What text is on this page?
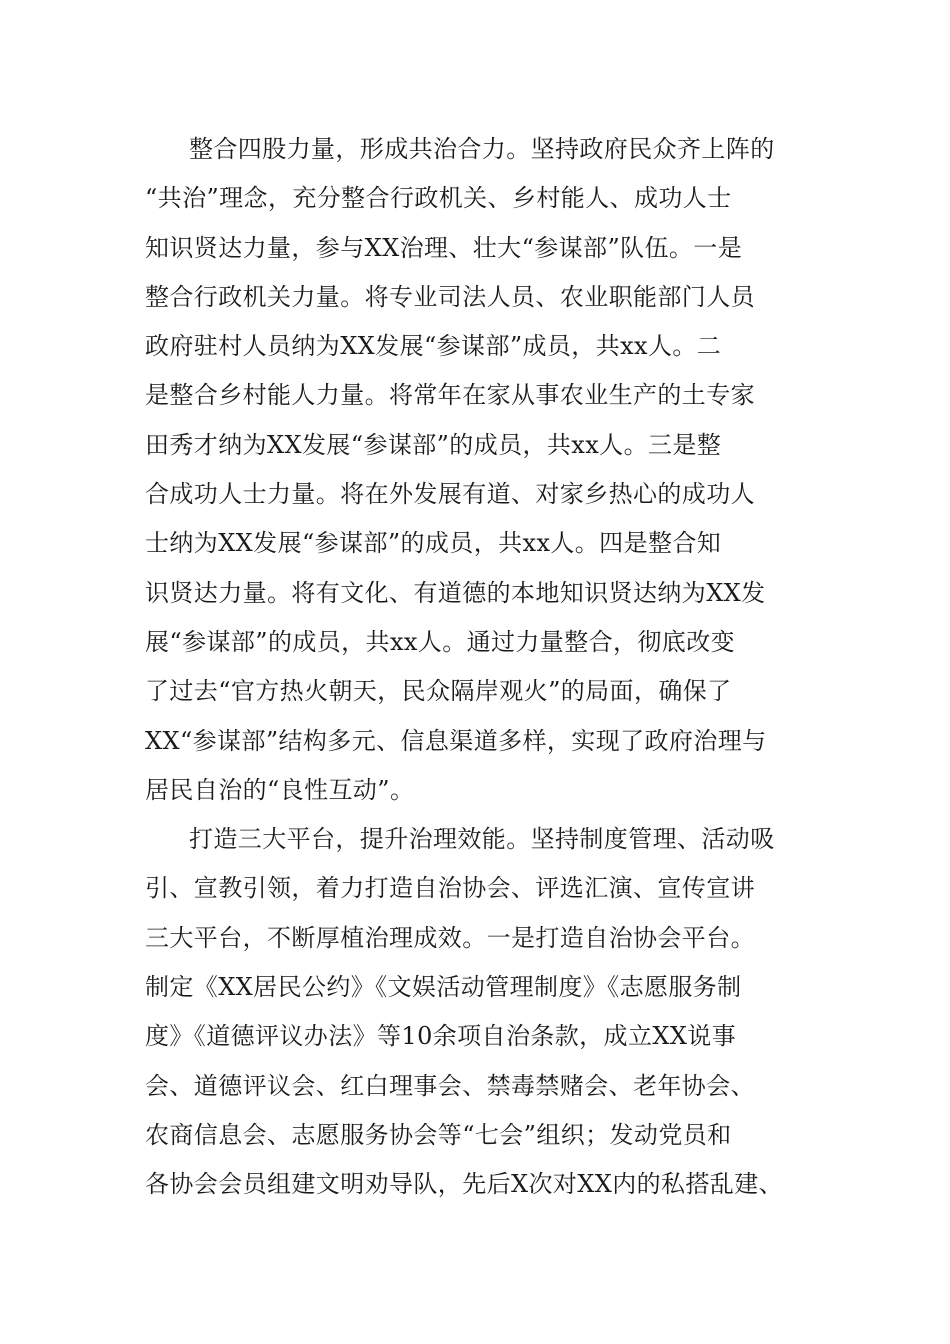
整合四股力量，形成共治合力。坚持政府民众齐上阵的
“共治”理念，充分整合行政机关、乡村能人、成功人士
知识贤达力量，参与XX治理、壮大“参谋部”队伍。一是
整合行政机关力量。将专业司法人员、农业职能部门人员
政府驻村人员纳为XX发展“参谋部”成员，共xx人。二
是整合乡村能人力量。将常年在家从事农业生产的土专家
田秀才纳为XX发展“参谋部”的成员，共xx人。三是整
合成功人士力量。将在外发展有道、对家乡热心的成功人
士纳为XX发展“参谋部”的成员，共xx人。四是整合知
识贤达力量。将有文化、有道德的本地知识贤达纳为XX发
展“参谋部”的成员，共xx人。通过力量整合，彻底改变
了过去“官方热火朝天，民众隔岸观火”的局面，确保了
XX“参谋部”结构多元、信息渠道多样，实现了政府治理与
居民自治的“良性互动”。
打造三大平台，提升治理效能。坚持制度管理、活动吸
引、宣教引领，着力打造自治协会、评选汇演、宣传宣讲
三大平台，不断厚植治理成效。一是打造自治协会平台。
制定《XX居民公约》《文娱活动管理制度》《志愿服务制
度》《道德评议办法》等10余项自治条款，成立XX说事
会、道德评议会、红白理事会、禁毒禁赌会、老年协会、
农商信息会、志愿服务协会等“七会”组织；发动党员和
各协会会员组建文明劝导队，先后X次对XX内的私搭乱建、
